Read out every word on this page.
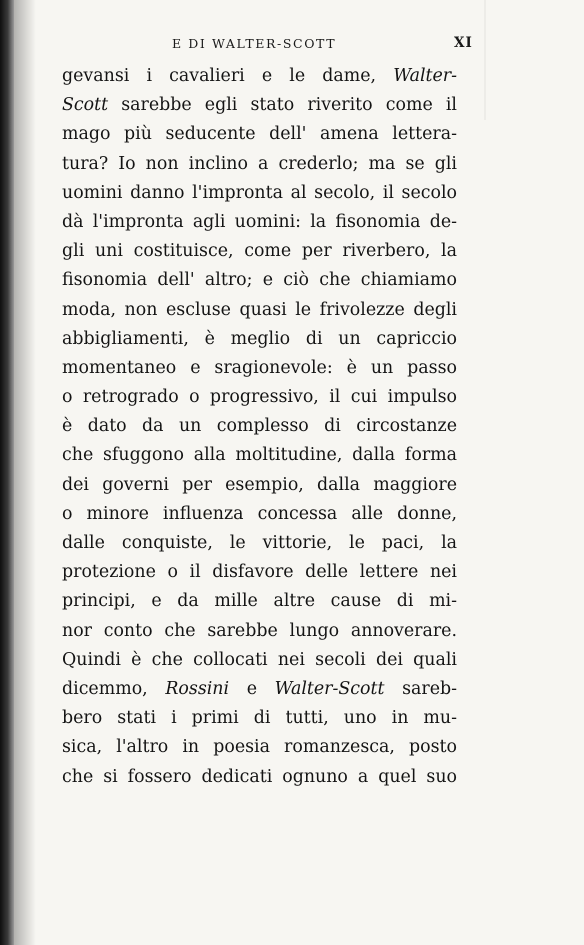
E DI WALTER-SCOTT	XI
gevansi i cavalieri e le dame, Walter-
Scott sarebbe egli stato riverito come il
mago più seducente dell' amena lettera-
tura? Io non inclino a crederlo; ma se gli
uomini danno l'impronta al secolo, il secolo
dà l'impronta agli uomini: la fisonomia de-
gli uni costituisce, come per riverbero, la
fisonomia dell' altro; e ciò che chiamiamo
moda, non escluse quasi le frivolezze degli
abbigliamenti, è meglio di un capriccio
momentaneo e sragionevole: è un passo
o retrogrado o progressivo, il cui impulso
è dato da un complesso di circostanze
che sfuggono alla moltitudine, dalla forma
dei governi per esempio, dalla maggiore
o minore influenza concessa alle donne,
dalle conquiste, le vittorie, le paci, la
protezione o il disfavore delle lettere nei
principi, e da mille altre cause di mi-
nor conto che sarebbe lungo annoverare.
Quindi è che collocati nei secoli dei quali
dicemmo, Rossini e Walter-Scott sareb-
bero stati i primi di tutti, uno in mu-
sica, l'altro in poesia romanzesca, posto
che si fossero dedicati ognuno a quel suo
